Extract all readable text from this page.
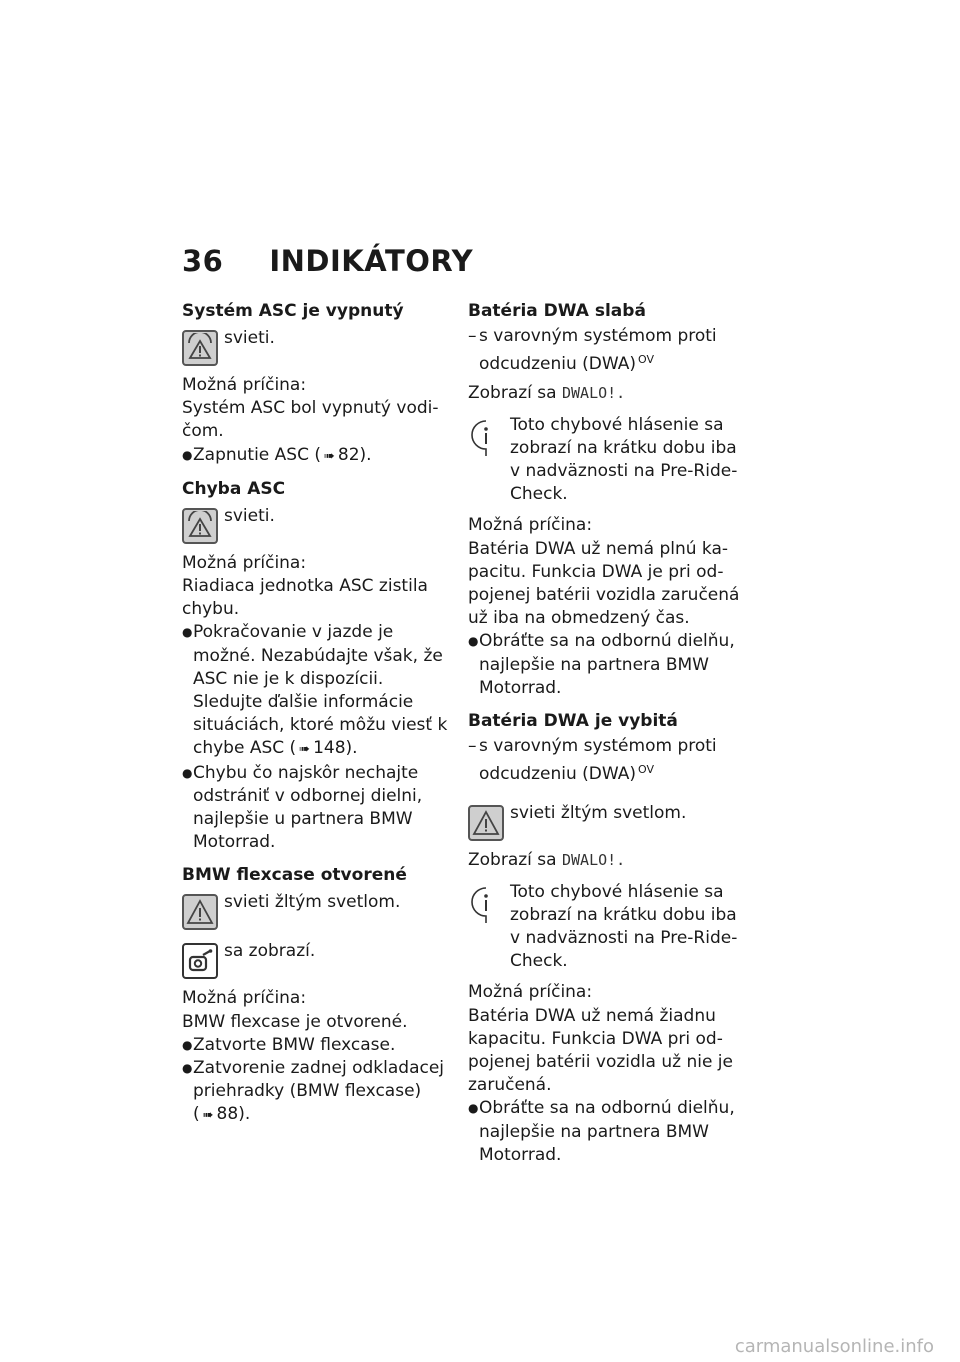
36 INDIKÁTORY
Systém ASC je vypnutý
svieti.

Možná príčina:

Systém ASC bol vypnutý vodi-čom.

● Zapnutie ASC ( ➠ 82).
Chyba ASC
svieti.

Možná príčina:

Riadiaca jednotka ASC zistila chybu.

● Pokračovanie v jazde je možné. Nezabúdajte však, že ASC nie je k dispozícii. Sledujte ďalšie informácie situáciách, ktoré môžu viesť k chybe ASC ( ➠ 148).
● Chybu čo najskôr nechajte odstrániť v odbornej dielni, najlepšie u partnera BMW Motorrad.
BMW flexcase otvorené
svieti žltým svetlom.
sa zobrazí.

Možná príčina:

BMW flexcase je otvorené.

● Zatvorte BMW flexcase.
● Zatvorenie zadnej odkladacej priehradky (BMW flexcase) ( ➠ 88).
Batéria DWA slabá
– s varovným systémom proti odcudzeniu (DWA) $^{OV}$

Zobrazí sa DWALO!.

Toto chybové hlásenie sa zobrazí na krátku dobu iba v nadväznosti na Pre-Ride-Check.

Možná príčina:

Batéria DWA už nemá plnú ka-pacitu. Funkcia DWA je pri od-pojenej batérii vozidla zaručená už iba na obmedzený čas.

● Obráťte sa na odbornú dielňu, najlepšie na partnera BMW Motorrad.
Batéria DWA je vybitá
– s varovným systémom proti odcudzeniu (DWA) $^{OV}$
svieti žltým svetlom.

Zobrazí sa DWALO!.

Toto chybové hlásenie sa zobrazí na krátku dobu iba v nadväznosti na Pre-Ride-Check.

Možná príčina:

Batéria DWA už nemá žiadnu kapacitu. Funkcia DWA pri od-pojenej batérii vozidla už nie je zaručená.

● Obráťte sa na odbornú dielňu, najlepšie na partnera BMW Motorrad.
carmanualsonline.info
